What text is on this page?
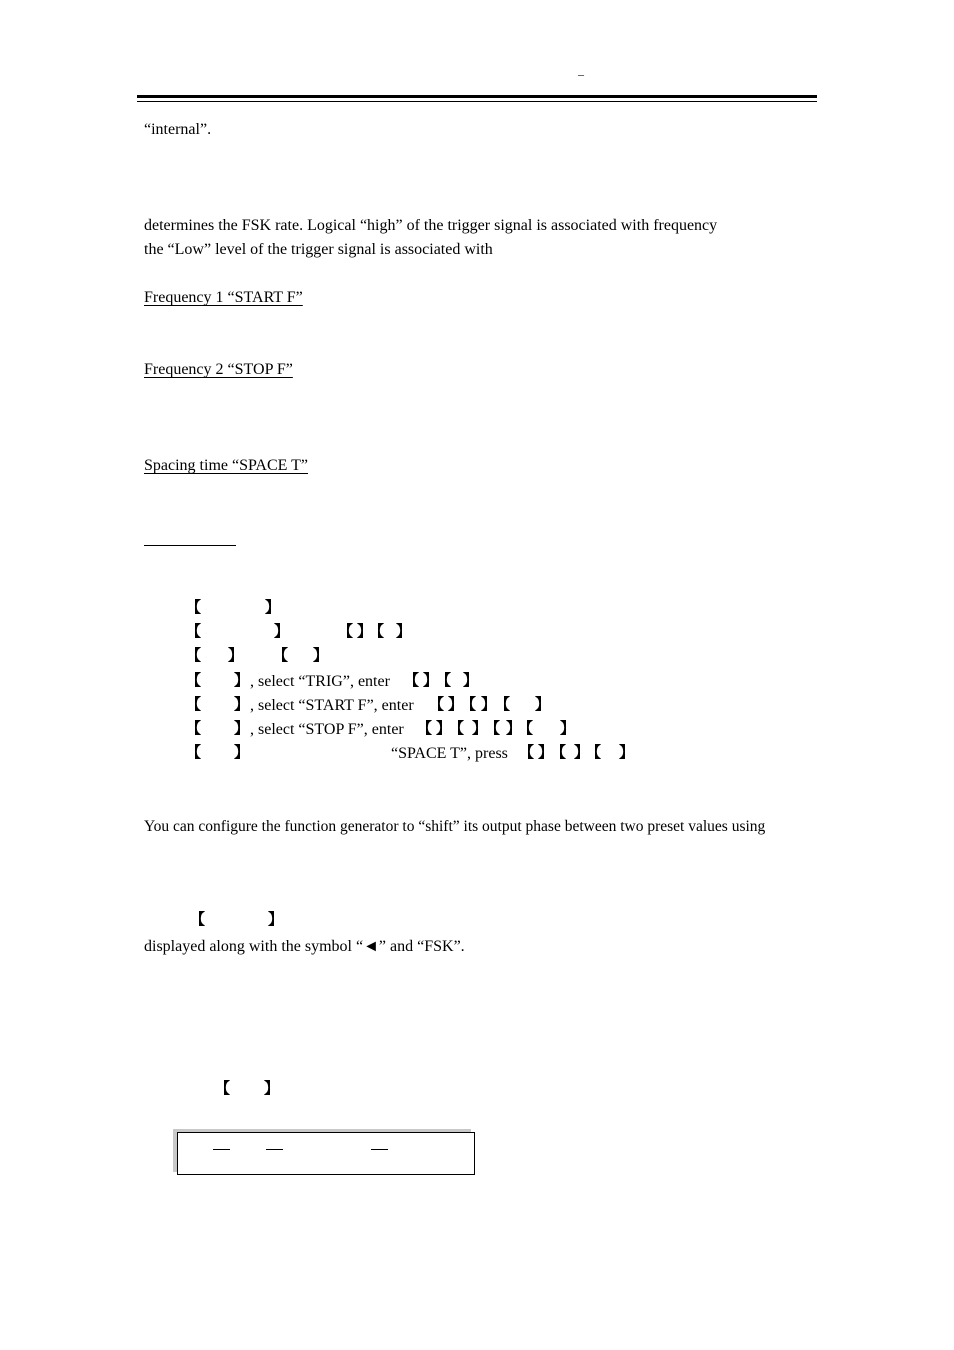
–
“internal”.
determines the FSK rate. Logical “high” of the trigger signal is associated with frequency
the “Low” level of the trigger signal is associated with
Frequency 1 “START F”
Frequency 2 “STOP F”
Spacing time “SPACE T”
【	】
【	】	【 】
【 】
【 】 【 】
【 】 , select “TRIG”, enter 【 】
【 】
【 】 , select “START F”, enter 【 】
【 】
【 】
【 】 , select “STOP F”, enter 【 】
【 】
【 】
【 】
【 】	“SPACE T”, press 【 】
【 】
【 】
You can configure the function generator to “shift” its output phase between two preset values using
【	】
displayed along with the symbol “◄” and “FSK”.
【 】
